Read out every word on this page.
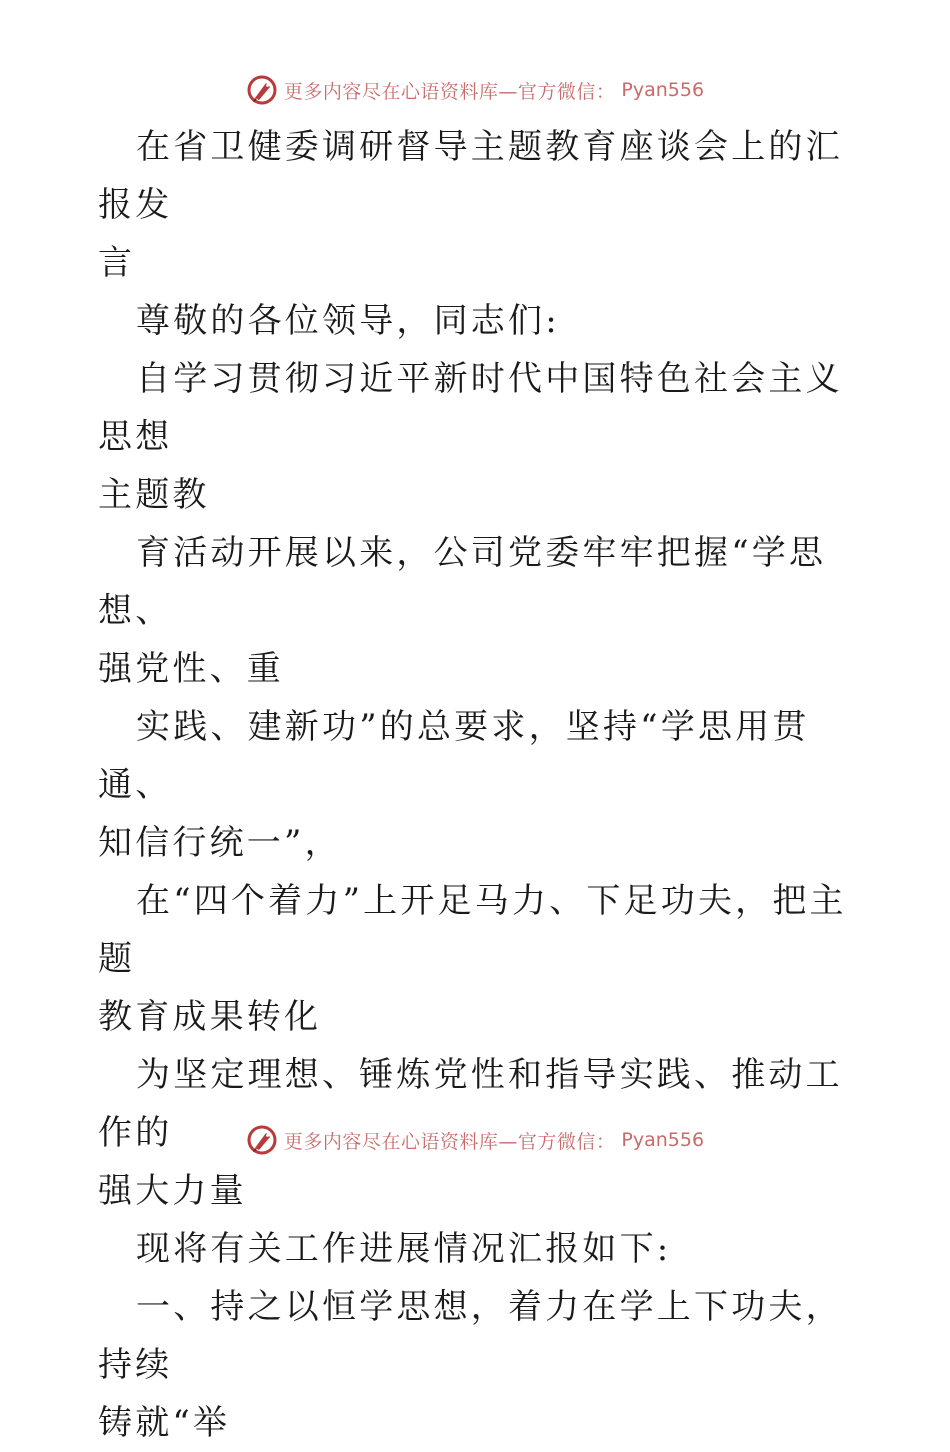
更多内容尽在心语资料库—官方微信： Pyan556

在省卫健委调研督导主题教育座谈会上的汇报发
言

尊敬的各位领导，同志们:

自学习贯彻习近平新时代中国特色社会主义思想
主题教

育活动开展以来，公司党委牢牢把握“学思想、
强党性、重

实践、建新功”的总要求，坚持“学思用贯通、
知信行统一”，

在“四个着力”上开足马力、下足功夫，把主题
教育成果转化

为坚定理想、锤炼党性和指导实践、推动工作的
强大力量

现将有关工作进展情况汇报如下:

一、持之以恒学思想，着力在学上下功夫，持续
铸就“举

更多内容尽在心语资料库—官方微信： Pyan556
